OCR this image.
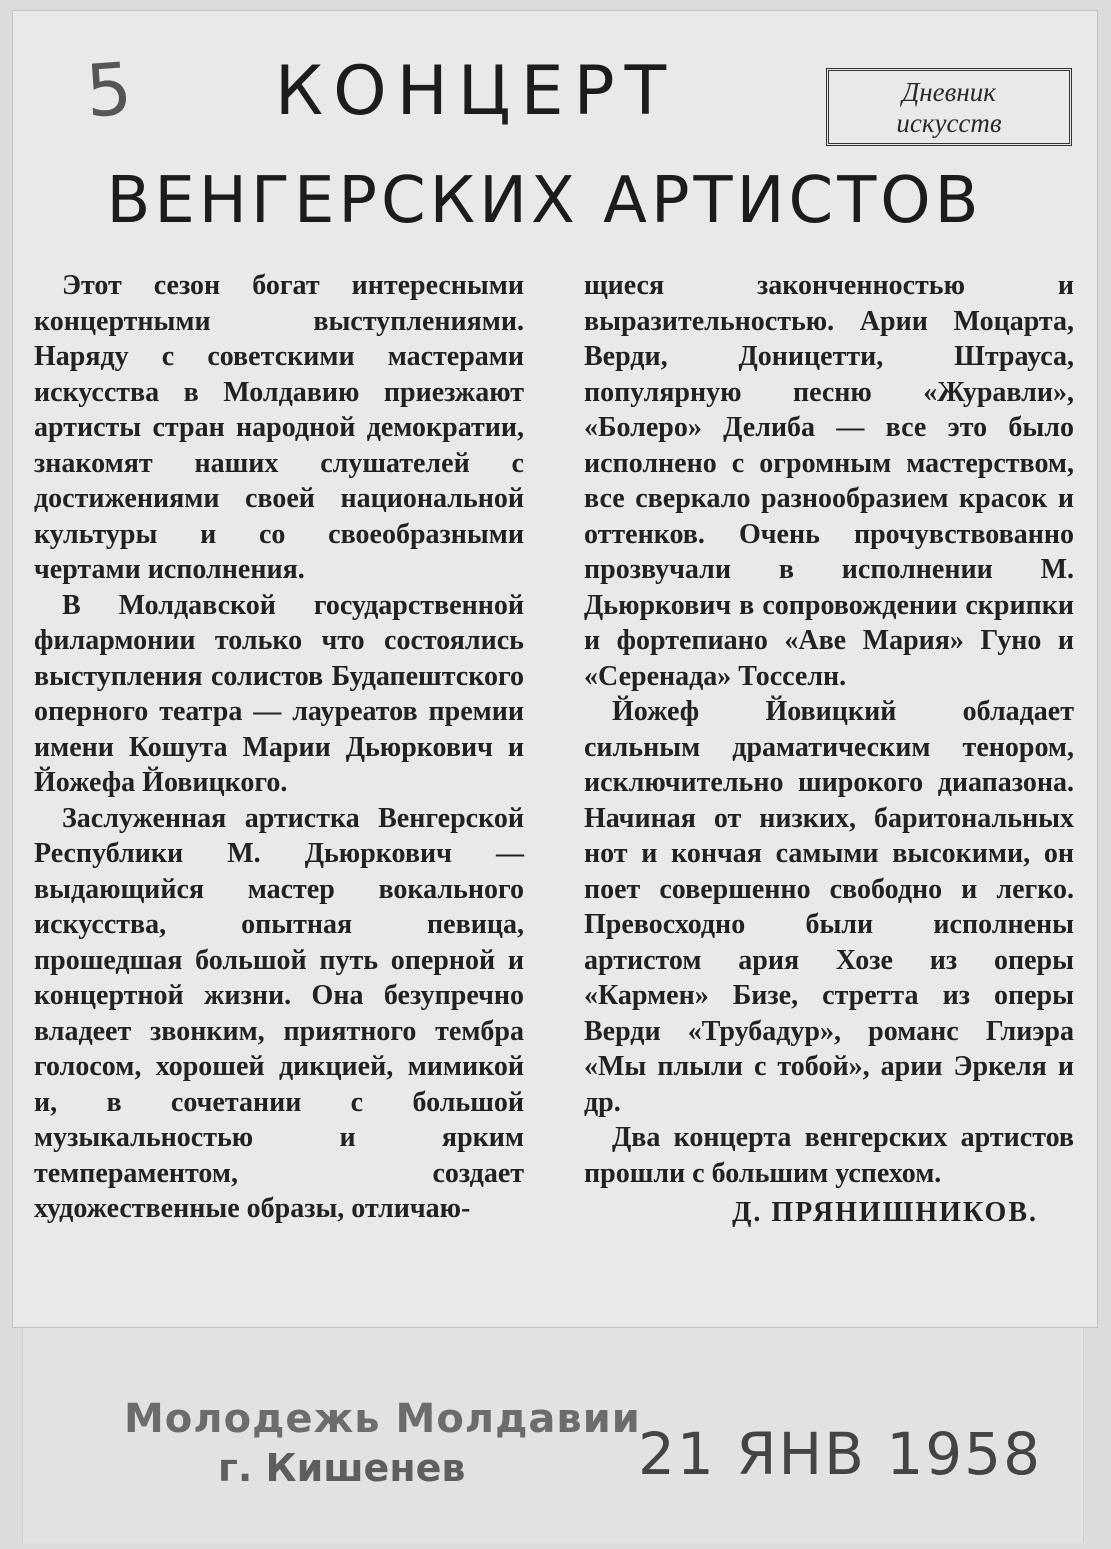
5	КОНЦЕРТ
ВЕНГЕРСКИХ АРТИСТОВ
Дневник
искусств

Этот сезон богат интересными концертными выступлениями. Наряду с советскими мастерами искусства в Молдавию приезжают артисты стран народной демократии, знакомят наших слушателей с достижениями своей национальной культуры и со своеобразными чертами исполнения.

В Молдавской государственной филармонии только что состоялись выступления солистов Будапештского оперного театра — лауреатов премии имени Кошута Марии Дьюркович и Йожефа Йовицкого.

Заслуженная артистка Венгерской Республики М. Дьюркович — выдающийся мастер вокального искусства, опытная певица, прошедшая большой путь оперной и концертной жизни. Она безупречно владеет звонким, приятного тембра голосом, хорошей дикцией, мимикой и, в сочетании с большой музыкальностью и ярким темпераментом, создает художественные образы, отличаю-

щиеся законченностью и выразительностью. Арии Моцарта, Верди, Доницетти, Штрауса, популярную песню «Журавли», «Болеро» Делиба — все это было исполнено с огромным мастерством, все сверкало разнообразием красок и оттенков. Очень прочувствованно прозвучали в исполнении М. Дьюркович в сопровождении скрипки и фортепиано «Аве Мария» Гуно и «Серенада» Тосселн.

Йожеф Йовицкий обладает сильным драматическим тенором, исключительно широкого диапазона. Начиная от низких, баритональных нот и кончая самыми высокими, он поет совершенно свободно и легко. Превосходно были исполнены артистом ария Хозе из оперы «Кармен» Бизе, стретта из оперы Верди «Трубадур», романс Глиэра «Мы плыли с тобой», арии Эркеля и др.

Два концерта венгерских артистов прошли с большим успехом.

Д. ПРЯНИШНИКОВ.
Молодежь Молдавии
г. Кишенев	21 ЯНВ 1958
